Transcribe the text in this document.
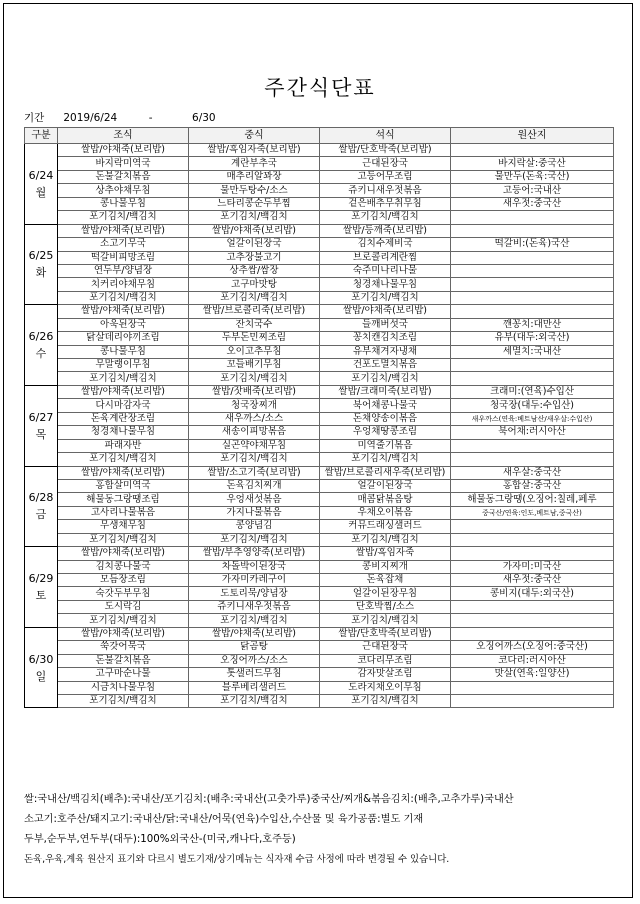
주간식단표
기간 2019/6/24	-	6/30
구분	조식	중식	석식	원산지

6/24
월	쌀밥/야채죽(보리밥)	쌀밥/흑임자죽(보리밥)	쌀밥/단호박죽(보리밥)	
	바지락미역국	계란부추국	근대된장국	바지락살:중국산
	돈불갈치볶음	매추리알꽈장	고등어무조림	물만두(돈육:국산)
	상추야채무침	물만두탕수/소스	쥬키니새우젓볶음	고등어:국내산
	콩나물무침	느타리콩순두부찜	겉은배추무취무침	새우젓:중국산
	포기김치/백김치	포기김치/백김치	포기김치/백김치	

6/25
화	쌀밥/야채죽(보리밥)	쌀밥/야채죽(보리밥)	쌀밥/등깨죽(보리밥)	
	소고기무국	얼갈이된장국	김치수제비국	떡갈비:(돈육)국산
	떡갈비피망조림	고추장불고기	브로콜리계란찜	
	연두부/양념장	상추쌈/쌈장	숙주미나리나물	
	치커리야채무침	고구마맛탕	청경채나물무침	
	포기김치/백김치	포기김치/백김치	포기김치/백김치	

6/26
수	쌀밥/야채죽(보리밥)	쌀밥/브로콜리죽(보리밥)	쌀밥/야채죽(보리밥)	
	아욱된장국	잔치국수	들깨버섯국	깬꽁치:대만산
	닭살데리야끼조림	두부돈민찌조림	꽁치캔김치조림	유부(대두:외국산)
	콩나물무침	오이고추무침	유부채겨자냉채	세멸치:국내산
	무말랭이무침	꼬들배기무침	건포도멸치볶음	
	포기김치/백김치	포기김치/백김치	포기김치/백김치	

6/27
목	쌀밥/야채죽(보리밥)	쌀밥/잣배죽(보리밥)	쌀밥/크래미죽(보리밥)	크래미:(연육)수입산
	다시마감자국	청국장찌개	북어채콩나물국	청국장(대두:수입산)
	돈육계란장조림	새우까스/소스	돈채양송이볶음	새우까스(연육:베트남산/새우살:수입산)
	청경채나물무침	새송이피망볶음	우엉채땅콩조림	북어채:러시아산
	파래자반	실곤약야채무침	미역줄기볶음	
	포기김치/백김치	포기김치/백김치	포기김치/백김치	

6/28
금	쌀밥/야채죽(보리밥)	쌀밥/소고기죽(보리밥)	쌀밥/브로콜리새우죽(보리밥)	새우살:중국산
	홍합살미역국	돈육김치찌개	얼갈이된장국	홍합살:중국산
	해물동그랑땡조림	우엉새섯볶음	매콤닭볶음탕	해물동그랑땡(오징어:칠레,페루
	고사리나물볶음	가지나물볶음	우채오이볶음	중국산/연육:인도,베트남,중국산)
	무생채무침	콩양념김	커뮤드래싱샐러드	
	포기김치/백김치	포기김치/백김치	포기김치/백김치	

6/29
토	쌀밥/야채죽(보리밥)	쌀밥/부추영양죽(보리밥)	쌀밥/흑임자죽	
	김치콩나물국	차돌박이된장국	콩비지찌개	가자미:미국산
	모듬장조림	가자미카레구이	돈육잡채	새우젓:중국산
	숙갓두부무침	도토리묵/양념장	얼갈이된장무침	콩비지(대두:외국산)
	도시락김	쥬키니새우젓볶음	단호박찜/소스	
	포기김치/백김치	포기김치/백김치	포기김치/백김치	

6/30
일	쌀밥/야채죽(보리밥)	쌀밥/야채죽(보리밥)	쌀밥/단호박죽(보리밥)	
	쑥갓어묵국	닭곰탕	근대된장국	오징어까스(오징어:중국산)
	돈불갈치볶음	오징어까스/소스	코다리무조림	코다리:러시아산
	고구마순나물	톳샐러드무침	감자맛살조림	맛살(연육:일양산)
	시금치나물무침	블루베리샐러드	도라지채오이무침	
	포기김치/백김치	포기김치/백김치	포기김치/백김치	
쌀:국내산/백김치(배추):국내산/포기김치:(배추:국내산(고춧가루)중국산/찌개&볶음김치:(배추,고추가루)국내산
소고기:호주산/돼지고기:국내산/닭:국내산/어묵(연육)수입산,수산물 및 육가공품:별도 기재
두부,순두부,연두부(대두):100%외국산-(미국,캐나다,호주등)
돈육,우육,계육 원산지 표기와 다르시 별도기재/상기메뉴는 식자재 수급 사정에 따라 변경될 수 있습니다.
